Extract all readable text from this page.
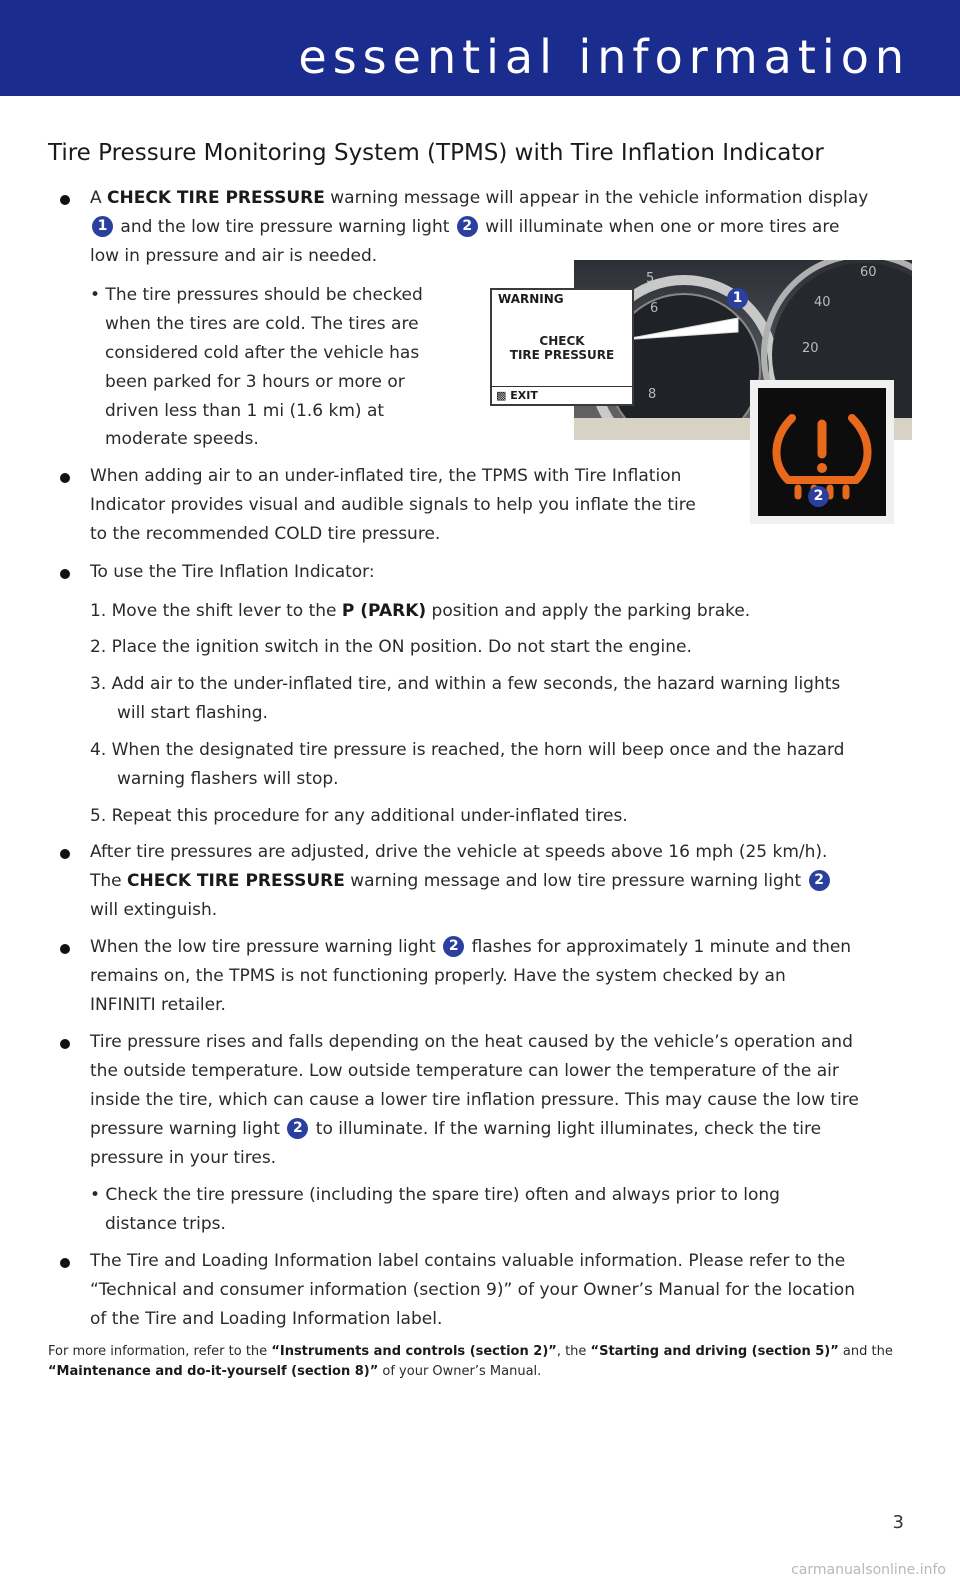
essential information
Tire Pressure Monitoring System (TPMS) with Tire Inflation Indicator
5
6
8
60
40
20
WARNING
CHECK
TIRE PRESSURE
▩ EXIT
1
2
A CHECK TIRE PRESSURE warning message will appear in the vehicle information display
1 and the low tire pressure warning light 2 will illuminate when one or more tires are
low in pressure and air is needed.
• The tire pressures should be checked
when the tires are cold. The tires are
considered cold after the vehicle has
been parked for 3 hours or more or
driven less than 1 mi (1.6 km) at
moderate speeds.
When adding air to an under-inflated tire, the TPMS with Tire Inflation
Indicator provides visual and audible signals to help you inflate the tire
to the recommended COLD tire pressure.
To use the Tire Inflation Indicator:
1. Move the shift lever to the P (PARK) position and apply the parking brake.
2. Place the ignition switch in the ON position. Do not start the engine.
3. Add air to the under-inflated tire, and within a few seconds, the hazard warning lights
will start flashing.
4. When the designated tire pressure is reached, the horn will beep once and the hazard
warning flashers will stop.
5. Repeat this procedure for any additional under-inflated tires.
After tire pressures are adjusted, drive the vehicle at speeds above 16 mph (25 km/h).
The CHECK TIRE PRESSURE warning message and low tire pressure warning light 2
will extinguish.
When the low tire pressure warning light 2 flashes for approximately 1 minute and then
remains on, the TPMS is not functioning properly. Have the system checked by an
INFINITI retailer.
Tire pressure rises and falls depending on the heat caused by the vehicle’s operation and
the outside temperature. Low outside temperature can lower the temperature of the air
inside the tire, which can cause a lower tire inflation pressure. This may cause the low tire
pressure warning light 2 to illuminate. If the warning light illuminates, check the tire
pressure in your tires.
• Check the tire pressure (including the spare tire) often and always prior to long
distance trips.
The Tire and Loading Information label contains valuable information. Please refer to the
“Technical and consumer information (section 9)” of your Owner’s Manual for the location
of the Tire and Loading Information label.
For more information, refer to the “Instruments and controls (section 2)”, the “Starting and driving (section 5)” and the
“Maintenance and do-it-yourself (section 8)” of your Owner’s Manual.
3
carmanualsonline.info
